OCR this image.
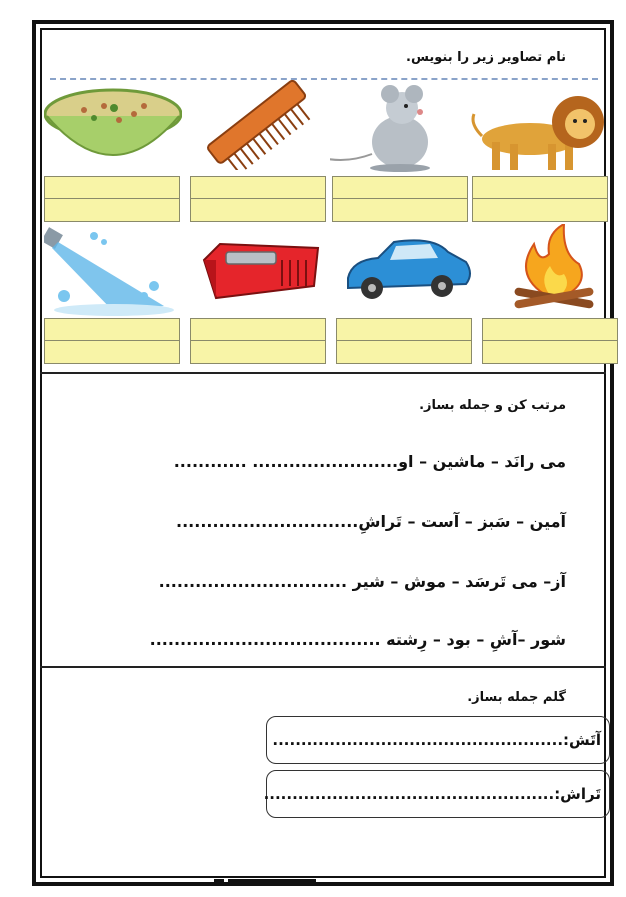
نام تصاویر زیر را بنویس.
مرتب کن و جمله بساز.
می رانَد – ماشین – او........................ ............
آمین – سَبز – آست – تَراشِ..............................
آز– می تَرسَد – موش – شیر ...............................
شور –آشِ – بود – رِشته ......................................
گلم جمله بساز.
آتَش:...................................................
تَراش:...................................................
